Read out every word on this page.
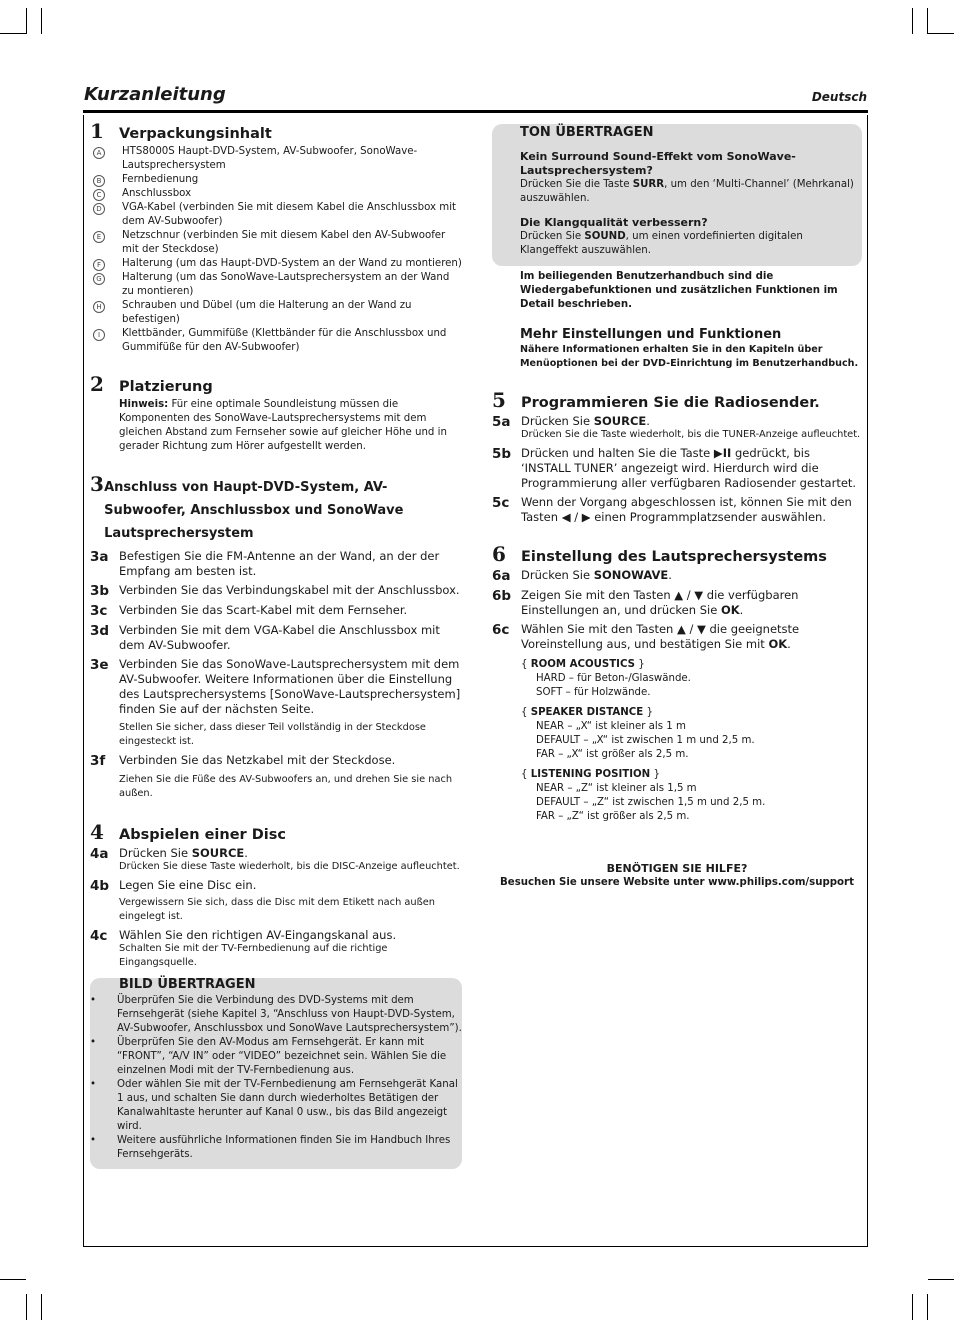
Kurzanleitung	Deutsch
1	Verpackungsinhalt
A	HTS8000S Haupt-DVD-System, AV-Subwoofer, SonoWave-Lautsprechersystem
B	Fernbedienung
C	Anschlussbox
D	VGA-Kabel (verbinden Sie mit diesem Kabel die Anschlussbox mit dem AV-Subwoofer)
E	Netzschnur (verbinden Sie mit diesem Kabel den AV-Subwoofer mit der Steckdose)
F	Halterung (um das Haupt-DVD-System an der Wand zu montieren)
G	Halterung (um das SonoWave-Lautsprechersystem an der Wand zu montieren)
H	Schrauben und Dübel (um die Halterung an der Wand zu befestigen)
I	Klettbänder, Gummifüße (Klettbänder für die Anschlussbox und Gummifüße für den AV-Subwoofer)
2	Platzierung
Hinweis: Für eine optimale Soundleistung müssen die Komponenten des SonoWave-Lautsprechersystems mit dem gleichen Abstand zum Fernseher sowie auf gleicher Höhe und in gerader Richtung zum Hörer aufgestellt werden.
3 Anschluss von Haupt-DVD-System, AV-Subwoofer, Anschlussbox und SonoWave Lautsprechersystem
3a Befestigen Sie die FM-Antenne an der Wand, an der der Empfang am besten ist.
3b Verbinden Sie das Verbindungskabel mit der Anschlussbox.
3c	Verbinden Sie das Scart-Kabel mit dem Fernseher.
3d Verbinden Sie mit dem VGA-Kabel die Anschlussbox mit dem AV-Subwoofer.
3e Verbinden Sie das SonoWave-Lautsprechersystem mit dem AV-Subwoofer. Weitere Informationen über die Einstellung des Lautsprechersystems [SonoWave-Lautsprechersystem] finden Sie auf der nächsten Seite.
Stellen Sie sicher, dass dieser Teil vollständig in der Steckdose eingesteckt ist.
3f	Verbinden Sie das Netzkabel mit der Steckdose.
Ziehen Sie die Füße des AV-Subwoofers an, und drehen Sie sie nach außen.
4	Abspielen einer Disc
4a Drücken Sie SOURCE.
Drücken Sie diese Taste wiederholt, bis die DISC-Anzeige aufleuchtet.
4b Legen Sie eine Disc ein.
Vergewissern Sie sich, dass die Disc mit dem Etikett nach außen eingelegt ist.
4c	Wählen Sie den richtigen AV-Eingangskanal aus.
Schalten Sie mit der TV-Fernbedienung auf die richtige Eingangsquelle.
BILD ÜBERTRAGEN
•	Überprüfen Sie die Verbindung des DVD-Systems mit dem Fernsehgerät (siehe Kapitel 3, “Anschluss von Haupt-DVD-System, AV-Subwoofer, Anschlussbox und SonoWave Lautsprechersystem”).
•	Überprüfen Sie den AV-Modus am Fernsehgerät. Er kann mit “FRONT”, “A/V IN” oder “VIDEO” bezeichnet sein. Wählen Sie die einzelnen Modi mit der TV-Fernbedienung aus.
•	Oder wählen Sie mit der TV-Fernbedienung am Fernsehgerät Kanal 1 aus, und schalten Sie dann durch wiederholtes Betätigen der Kanalwahltaste herunter auf Kanal 0 usw., bis das Bild angezeigt wird.
•	Weitere ausführliche Informationen finden Sie im Handbuch Ihres Fernsehgeräts.
TON ÜBERTRAGEN
Kein Surround Sound-Effekt vom SonoWave-Lautsprechersystem?
Drücken Sie die Taste SURR, um den ‘Multi-Channel’ (Mehrkanal) auszuwählen.
Die Klangqualität verbessern?
Drücken Sie SOUND, um einen vordefinierten digitalen Klangeffekt auszuwählen.
Im beiliegenden Benutzerhandbuch sind die Wiedergabefunktionen und zusätzlichen Funktionen im Detail beschrieben.
Mehr Einstellungen und Funktionen
Nähere Informationen erhalten Sie in den Kapiteln über Menüoptionen bei der DVD-Einrichtung im Benutzerhandbuch.
5	Programmieren Sie die Radiosender.
5a Drücken Sie SOURCE.
Drücken Sie die Taste wiederholt, bis die TUNER-Anzeige aufleuchtet.
5b Drücken und halten Sie die Taste ▶II gedrückt, bis ‘INSTALL TUNER’ angezeigt wird. Hierdurch wird die Programmierung aller verfügbaren Radiosender gestartet.
5c	Wenn der Vorgang abgeschlossen ist, können Sie mit den Tasten ◀ / ▶ einen Programmplatzsender auswählen.
6	Einstellung des Lautsprechersystems
6a Drücken Sie SONOWAVE.
6b Zeigen Sie mit den Tasten ▲ / ▼ die verfügbaren Einstellungen an, und drücken Sie OK.
6c	Wählen Sie mit den Tasten ▲ / ▼ die geeignetste Voreinstellung aus, und bestätigen Sie mit OK.
{ ROOM ACOUSTICS }
HARD – für Beton-/Glaswände.
SOFT – für Holzwände.
{ SPEAKER DISTANCE }
NEAR – „X“ ist kleiner als 1 m
DEFAULT – „X“ ist zwischen 1 m und 2,5 m.
FAR – „X“ ist größer als 2,5 m.
{ LISTENING POSITION }
NEAR – „Z“ ist kleiner als 1,5 m
DEFAULT – „Z“ ist zwischen 1,5 m und 2,5 m.
FAR – „Z“ ist größer als 2,5 m.
BENÖTIGEN SIE HILFE?
Besuchen Sie unsere Website unter www.philips.com/support
